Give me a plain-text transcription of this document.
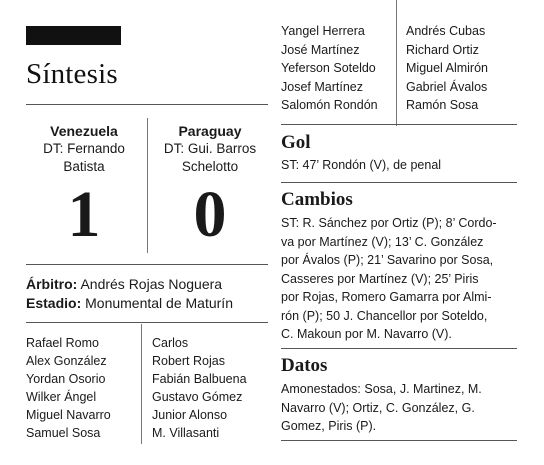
Síntesis
Venezuela
DT: Fernando
Batista
1
Paraguay
DT: Gui. Barros
Schelotto
0
Árbitro: Andrés Rojas Noguera
Estadio: Monumental de Maturín
Rafael Romo
Alex González
Yordan Osorio
Wilker Ángel
Miguel Navarro
Samuel Sosa
Carlos
Robert Rojas
Fabián Balbuena
Gustavo Gómez
Junior Alonso
M. Villasanti
Yangel Herrera
José Martínez
Yeferson Soteldo
Josef Martínez
Salomón Rondón
Andrés Cubas
Richard Ortiz
Miguel Almirón
Gabriel Ávalos
Ramón Sosa
Gol
ST: 47’ Rondón (V), de penal
Cambios
ST: R. Sánchez por Ortiz (P); 8’ Cordo-
va por Martínez (V); 13’ C. González
por Ávalos (P); 21’ Savarino por Sosa,
Casseres por Martínez (V); 25’ Piris
por Rojas, Romero Gamarra por Almi-
rón (P); 50 J. Chancellor por Soteldo,
C. Makoun por M. Navarro (V).
Datos
Amonestados: Sosa, J. Martinez, M.
Navarro (V); Ortiz, C. González, G.
Gomez, Piris (P).
